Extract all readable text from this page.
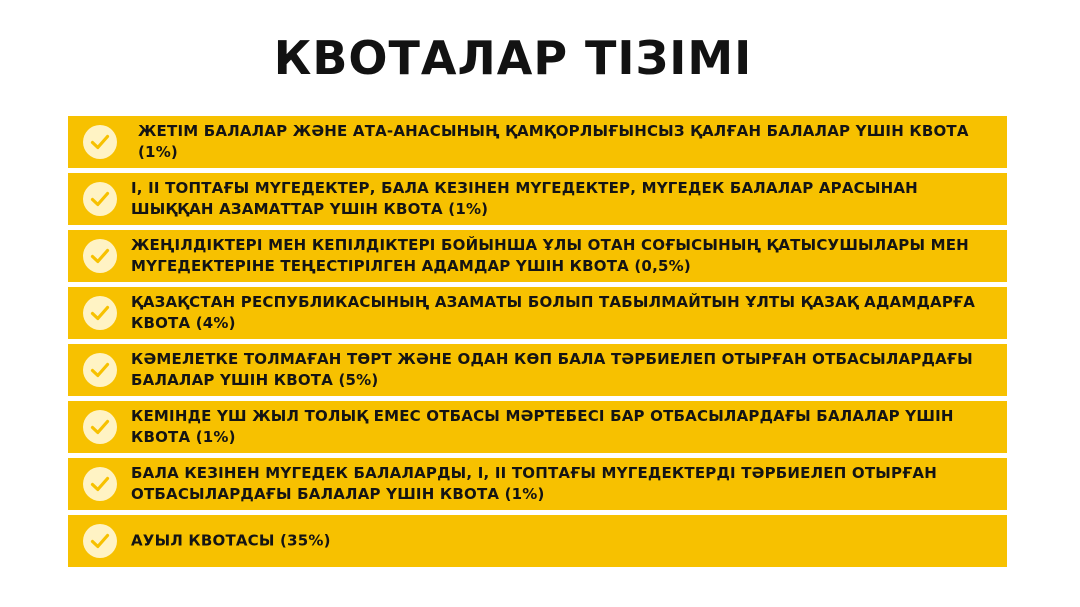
КВОТАЛАР ТІЗІМІ
ЖЕТІМ БАЛАЛАР ЖӘНЕ АТА-АНАСЫНЫҢ ҚАМҚОРЛЫҒЫНСЫЗ ҚАЛҒАН БАЛАЛАР ҮШІН КВОТА (1%)
I, II ТОПТАҒЫ МҮГЕДЕКТЕР, БАЛА КЕЗІНЕН МҮГЕДЕКТЕР, МҮГЕДЕК БАЛАЛАР АРАСЫНАН ШЫҚҚАН АЗАМАТТАР ҮШІН КВОТА (1%)
ЖЕҢІЛДІКТЕРІ МЕН КЕПІЛДІКТЕРІ БОЙЫНША ҰЛЫ ОТАН СОҒЫСЫНЫҢ ҚАТЫСУШЫЛАРЫ МЕН МҮГЕДЕКТЕРІНЕ ТЕҢЕСТІРІЛГЕН АДАМДАР ҮШІН КВОТА (0,5%)
ҚАЗАҚСТАН РЕСПУБЛИКАСЫНЫҢ АЗАМАТЫ БОЛЫП ТАБЫЛМАЙТЫН ҰЛТЫ ҚАЗАҚ АДАМДАРҒА КВОТА (4%)
КӘМЕЛЕТКЕ ТОЛМАҒАН ТӨРТ ЖӘНЕ ОДАН КӨП БАЛА ТӘРБИЕЛЕП ОТЫРҒАН ОТБАСЫЛАРДАҒЫ БАЛАЛАР ҮШІН КВОТА (5%)
КЕМІНДЕ ҮШ ЖЫЛ ТОЛЫҚ ЕМЕС ОТБАСЫ МӘРТЕБЕСІ БАР ОТБАСЫЛАРДАҒЫ БАЛАЛАР ҮШІН КВОТА (1%)
БАЛА КЕЗІНЕН МҮГЕДЕК БАЛАЛАРДЫ, I, II ТОПТАҒЫ МҮГЕДЕКТЕРДІ ТӘРБИЕЛЕП ОТЫРҒАН ОТБАСЫЛАРДАҒЫ БАЛАЛАР ҮШІН КВОТА (1%)
АУЫЛ КВОТАСЫ (35%)
